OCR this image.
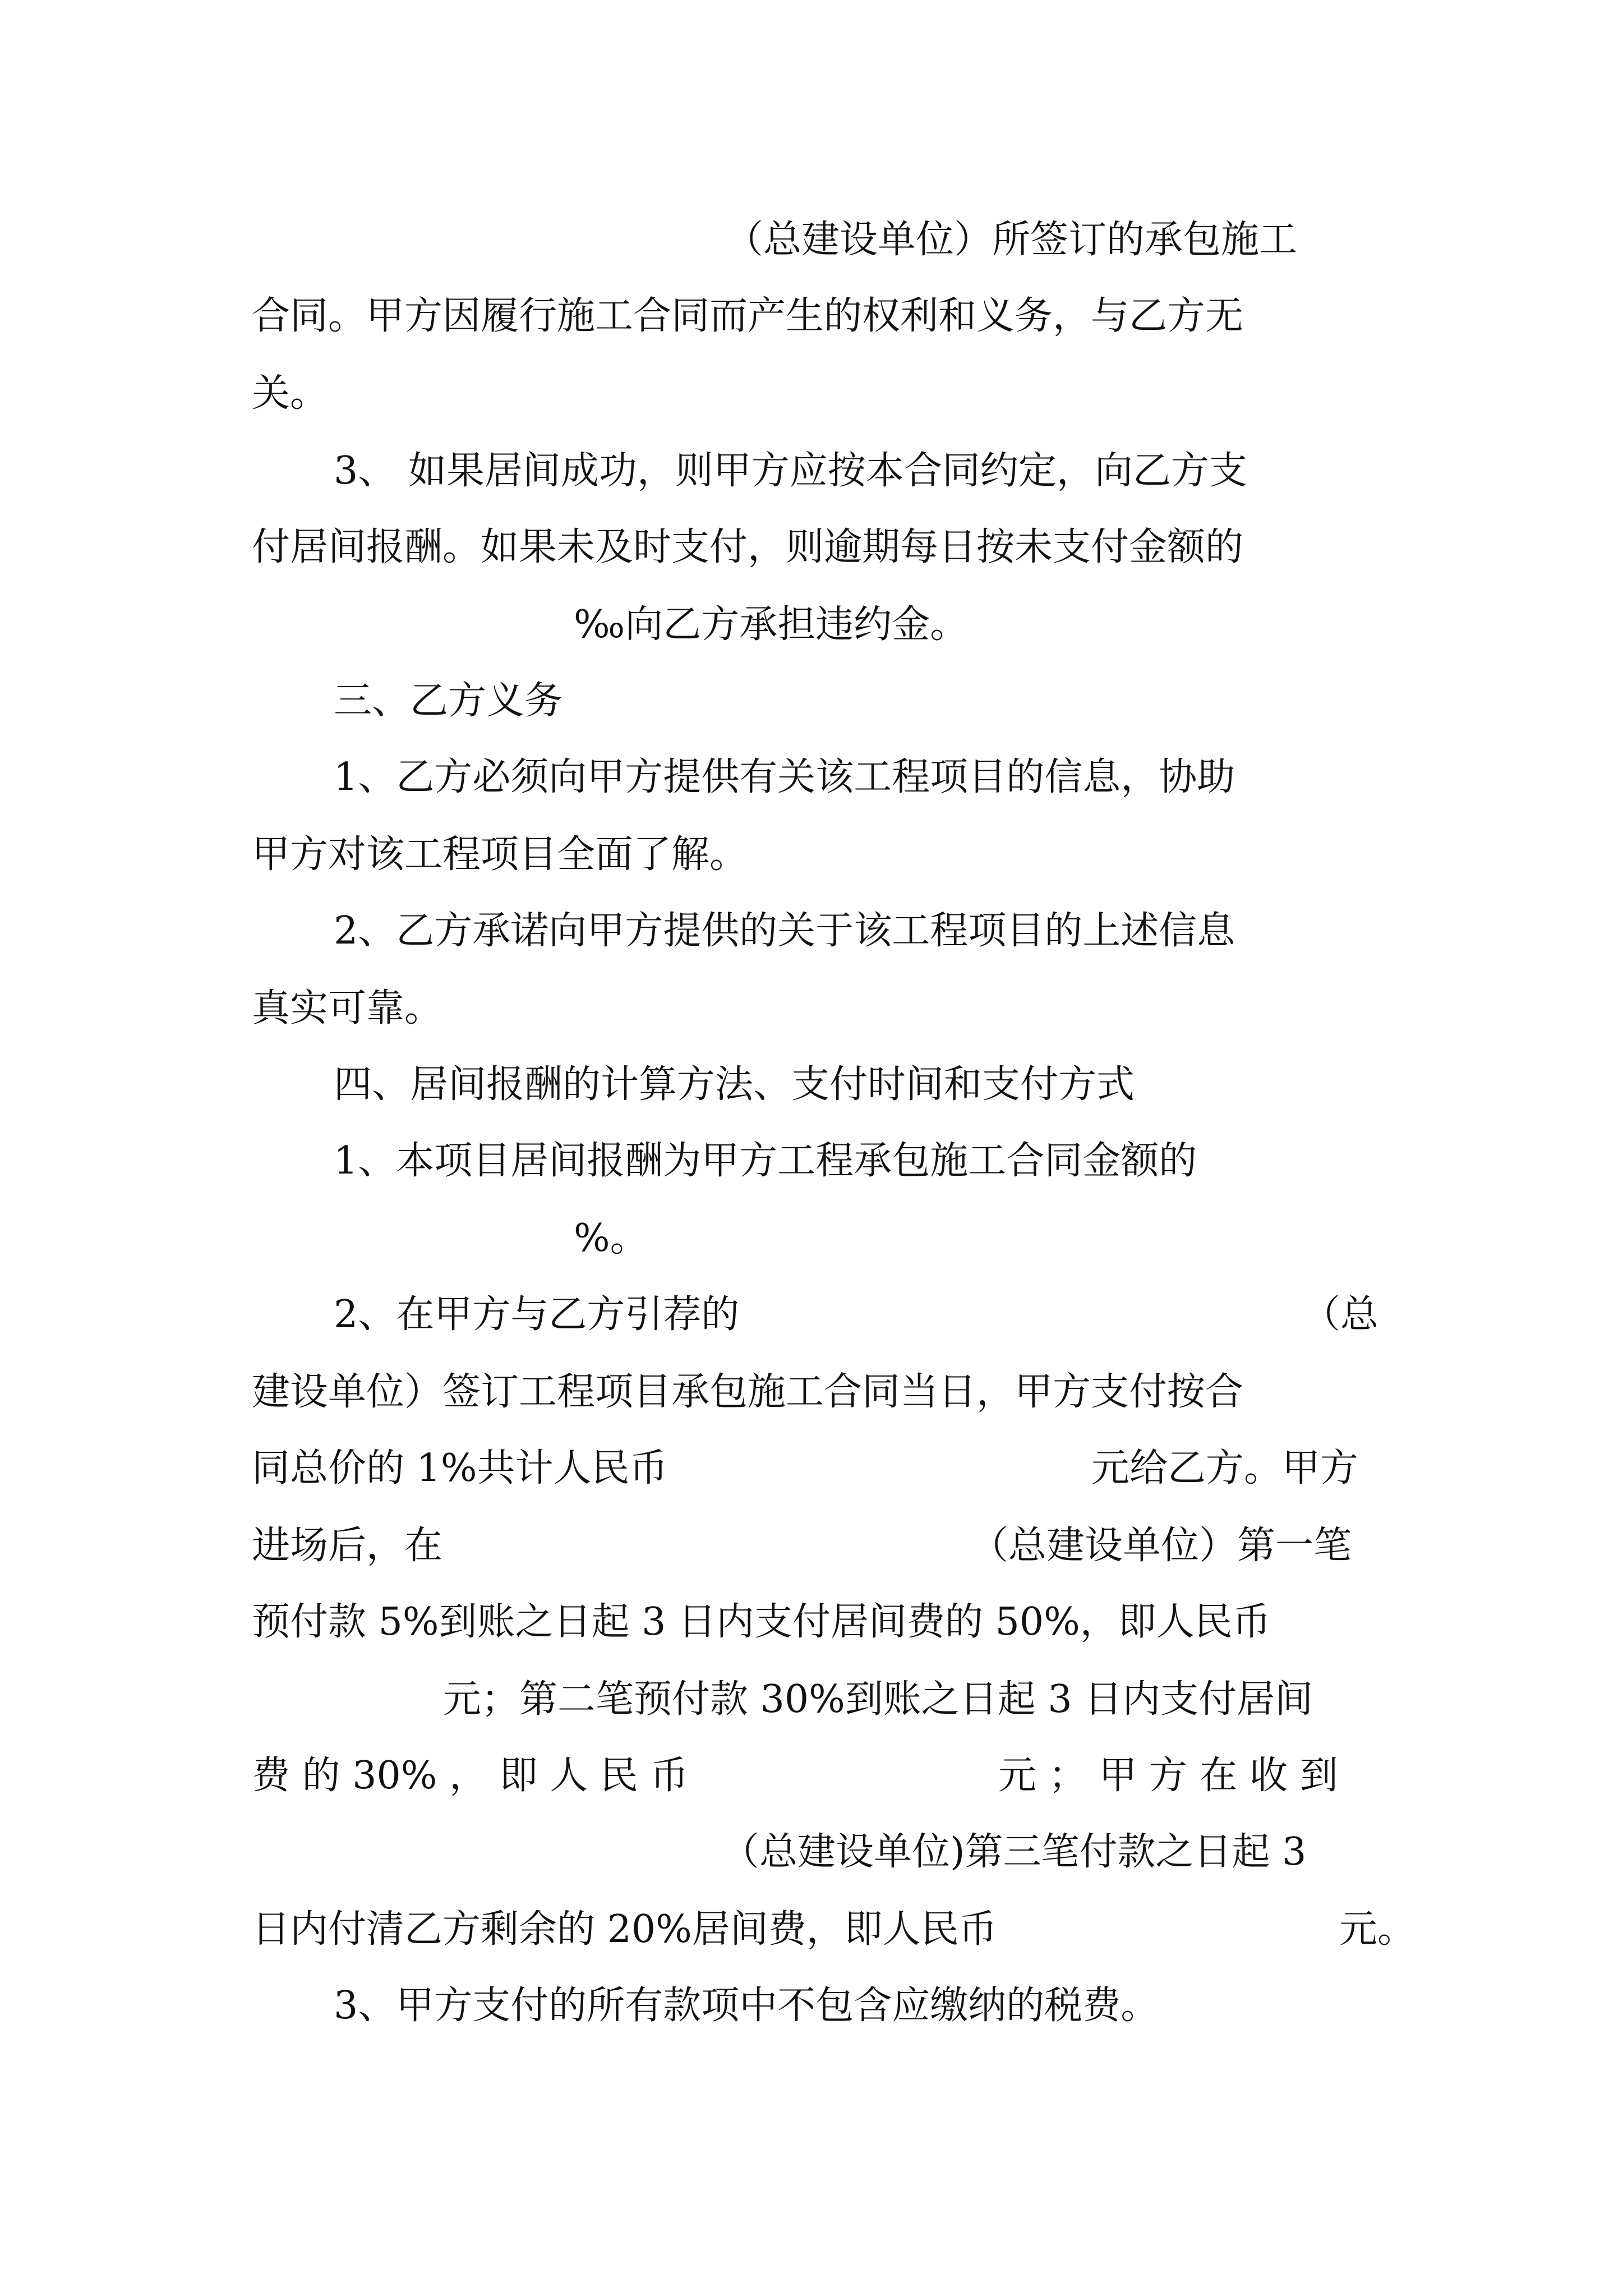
（总建设单位）所签订的承包施工
合同。甲方因履行施工合同而产生的权利和义务，与乙方无
关。
3、 如果居间成功，则甲方应按本合同约定，向乙方支
付居间报酬。如果未及时支付，则逾期每日按未支付金额的
‰向乙方承担违约金。
三、乙方义务
1、乙方必须向甲方提供有关该工程项目的信息，协助
甲方对该工程项目全面了解。
2、乙方承诺向甲方提供的关于该工程项目的上述信息
真实可靠。
四、居间报酬的计算方法、支付时间和支付方式
1、本项目居间报酬为甲方工程承包施工合同金额的
%。
2、在甲方与乙方引荐的	（总
建设单位）签订工程项目承包施工合同当日，甲方支付按合
同总价的 1%共计人民币	元给乙方。甲方
进场后，在	（总建设单位）第一笔
预付款 5%到账之日起 3 日内支付居间费的 50%，即人民币
元；第二笔预付款 30%到账之日起 3 日内支付居间
费 的 30% ， 即 人 民 币	元 ； 甲 方 在 收 到
（总建设单位)第三笔付款之日起 3
日内付清乙方剩余的 20%居间费，即人民币	元。
3、甲方支付的所有款项中不包含应缴纳的税费。
